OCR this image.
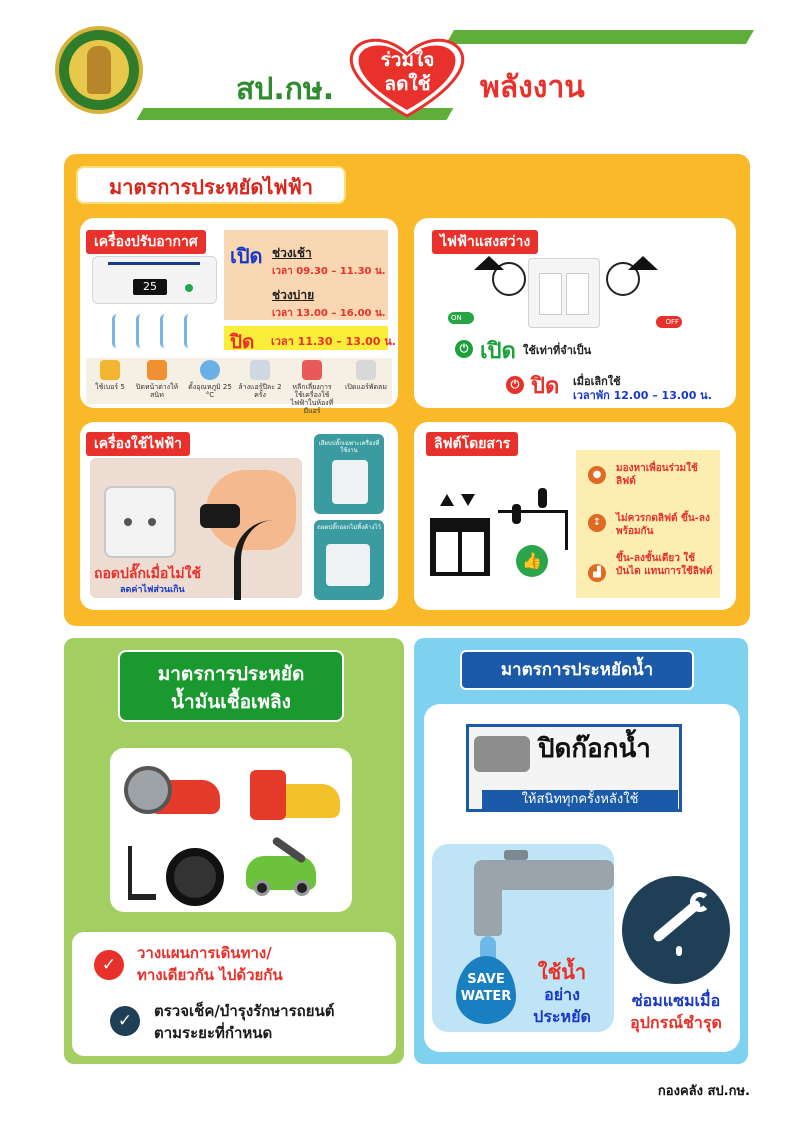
สป.กษ.
ร่วมใจ
ลดใช้	พลังงาน
มาตรการประหยัดไฟฟ้า
เครื่องปรับอากาศ
25
เปิด ช่วงเช้า
เวลา 09.30 – 11.30 น.
ช่วงบ่าย
เวลา 13.00 – 16.00 น.
ปิด เวลา 11.30 – 13.00 น.
ใช้เบอร์ 5	ปิดหน้าต่างให้สนิท
ตั้งอุณหภูมิ 25 °C
ล้างแอร์ปีละ 2 ครั้ง
หลีกเลี่ยงการใช้เครื่องใช้ไฟฟ้าในห้องที่มีแอร์
เปิดแอร์พัดลม
ไฟฟ้าแสงสว่าง
ON	OFF
⏻ เปิด ใช้เท่าที่จำเป็น
⏻ ปิด เมื่อเลิกใช้
เวลาพัก 12.00 – 13.00 น.
เครื่องใช้ไฟฟ้า
ถอดปลั๊กเมื่อไม่ใช้
ลดค่าไฟส่วนเกิน
เสียบปลั๊กเฉพาะเครื่องที่ใช้งาน
ถอดปลั๊กออกไม่ทิ้งค้างไว้
ลิฟต์โดยสาร
👍
●
มองหาเพื่อนร่วมใช้ลิฟต์
↕	ไม่ควรกดลิฟต์ ขึ้น-ลง พร้อมกัน
▟
ขึ้น-ลงชั้นเดียว ใช้บันได แทนการใช้ลิฟต์
มาตรการประหยัด
น้ำมันเชื้อเพลิง
✓
วางแผนการเดินทาง/
ทางเดียวกัน ไปด้วยกัน
✓	ตรวจเช็ค/บำรุงรักษารถยนต์
ตามระยะที่กำหนด
มาตรการประหยัดน้ำ
ปิดก๊อกน้ำ
ให้สนิททุกครั้งหลังใช้
SAVE
WATER
ใช้น้ำ
อย่าง
ประหยัด
ซ่อมแซมเมื่อ
อุปกรณ์ชำรุด
กองคลัง สป.กษ.
